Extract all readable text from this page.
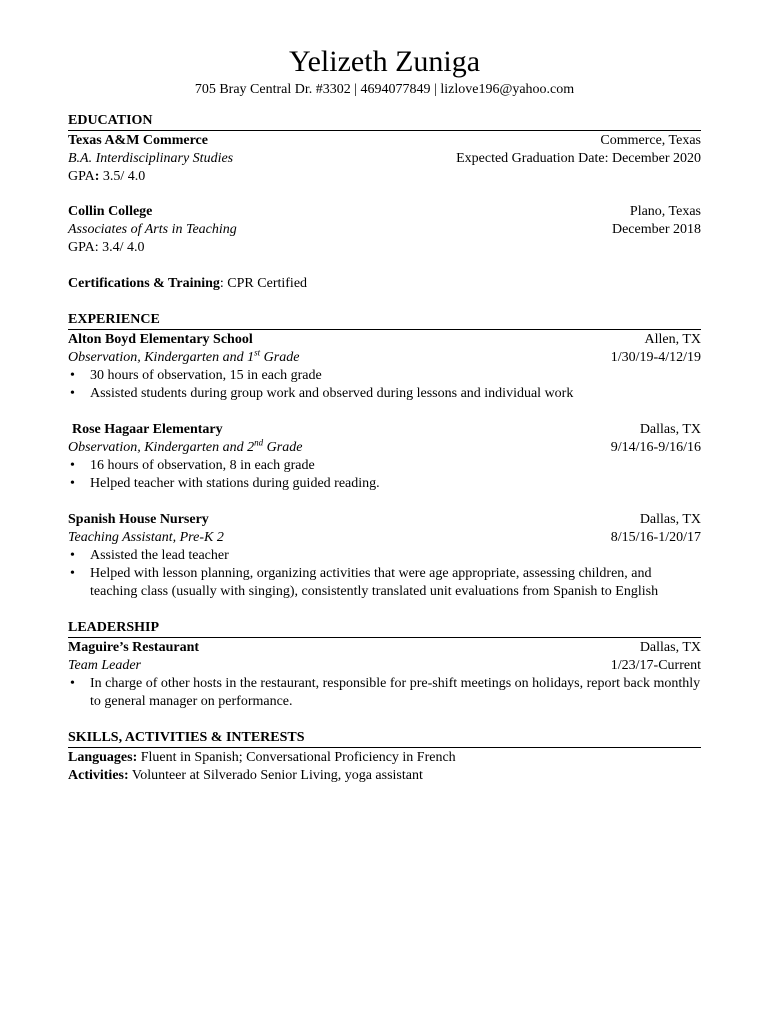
Yelizeth Zuniga
705 Bray Central Dr. #3302 | 4694077849 | lizlove196@yahoo.com
EDUCATION
Texas A&M Commerce	Commerce, Texas
B.A. Interdisciplinary Studies	Expected Graduation Date: December 2020
GPA: 3.5/ 4.0
Collin College	Plano, Texas
Associates of Arts in Teaching	December 2018
GPA: 3.4/ 4.0
Certifications & Training: CPR Certified
EXPERIENCE
Alton Boyd Elementary School	Allen, TX
Observation, Kindergarten and 1st Grade	1/30/19-4/12/19
• 30 hours of observation, 15 in each grade
• Assisted students during group work and observed during lessons and individual work
Rose Hagaar Elementary	Dallas, TX
Observation, Kindergarten and 2nd Grade	9/14/16-9/16/16
• 16 hours of observation, 8 in each grade
• Helped teacher with stations during guided reading.
Spanish House Nursery	Dallas, TX
Teaching Assistant, Pre-K 2	8/15/16-1/20/17
• Assisted the lead teacher
• Helped with lesson planning, organizing activities that were age appropriate, assessing children, and teaching class (usually with singing), consistently translated unit evaluations from Spanish to English
LEADERSHIP
Maguire’s Restaurant	Dallas, TX
Team Leader	1/23/17-Current
• In charge of other hosts in the restaurant, responsible for pre-shift meetings on holidays, report back monthly to general manager on performance.
SKILLS, ACTIVITIES & INTERESTS
Languages: Fluent in Spanish; Conversational Proficiency in French
Activities: Volunteer at Silverado Senior Living, yoga assistant
